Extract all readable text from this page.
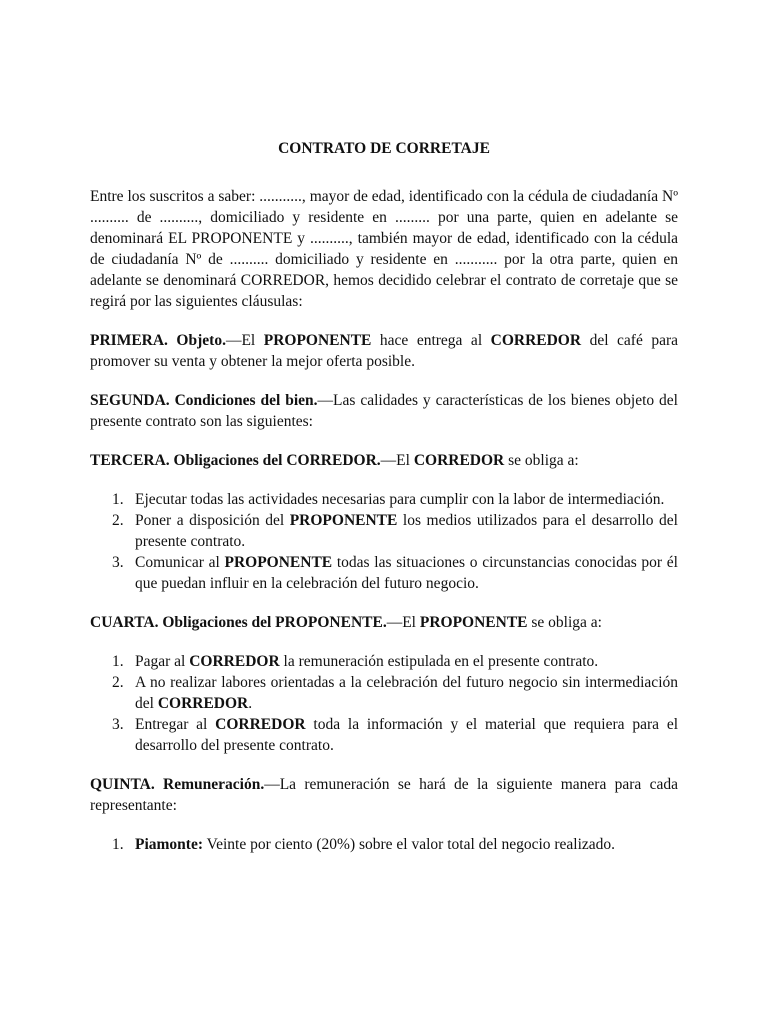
CONTRATO DE CORRETAJE

Entre los suscritos a saber: ..........., mayor de edad, identificado con la cédula de ciudadanía Nº .......... de .........., domiciliado y residente en ......... por una parte, quien en adelante se denominará EL PROPONENTE y .........., también mayor de edad, identificado con la cédula de ciudadanía Nº de .......... domiciliado y residente en ........... por la otra parte, quien en adelante se denominará CORREDOR, hemos decidido celebrar el contrato de corretaje que se regirá por las siguientes cláusulas:

PRIMERA. Objeto.—El PROPONENTE hace entrega al CORREDOR del café para promover su venta y obtener la mejor oferta posible.

SEGUNDA. Condiciones del bien.—Las calidades y características de los bienes objeto del presente contrato son las siguientes:

TERCERA. Obligaciones del CORREDOR.—El CORREDOR se obliga a:

1. Ejecutar todas las actividades necesarias para cumplir con la labor de intermediación.
2. Poner a disposición del PROPONENTE los medios utilizados para el desarrollo del presente contrato.
3. Comunicar al PROPONENTE todas las situaciones o circunstancias conocidas por él que puedan influir en la celebración del futuro negocio.

CUARTA. Obligaciones del PROPONENTE.—El PROPONENTE se obliga a:

1. Pagar al CORREDOR la remuneración estipulada en el presente contrato.
2. A no realizar labores orientadas a la celebración del futuro negocio sin intermediación del CORREDOR.
3. Entregar al CORREDOR toda la información y el material que requiera para el desarrollo del presente contrato.

QUINTA. Remuneración.—La remuneración se hará de la siguiente manera para cada representante:

1. Piamonte: Veinte por ciento (20%) sobre el valor total del negocio realizado.
